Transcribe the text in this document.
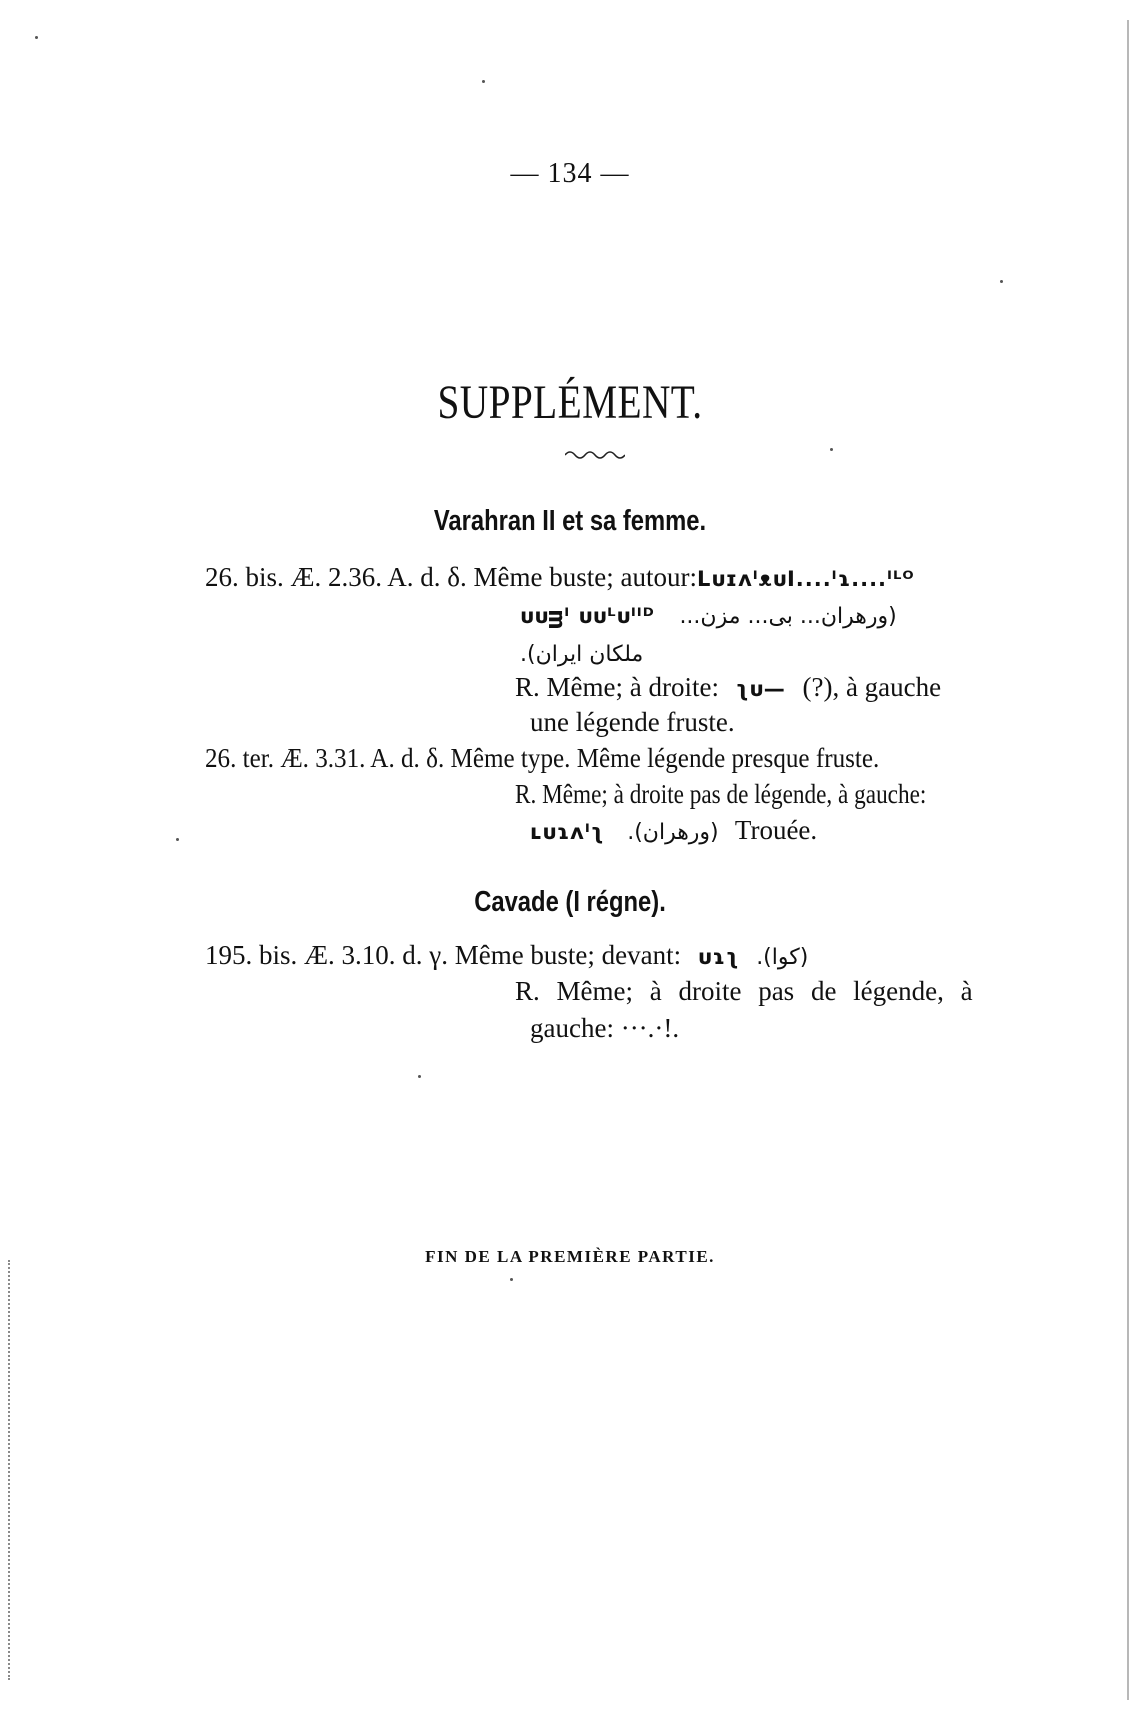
— 134 —
SUPPLÉMENT.
Varahran II et sa femme.
26. bis. Æ. 2.36. A. d. δ. Même buste; autour:LᴜɪᴧᴵᴥᴜI....ᴵɿ....ᴵᴸᴼ
ᴜᴜᴟᴵ ᴜᴜᴸᴜᴵᴵᴰ (ورهران... بی... مزن...
ملکان ایران).
R. Même; à droite: ʅᴜ— (?), à gauche
une légende fruste.
26. ter. Æ. 3.31. A. d. δ. Même type. Même légende presque fruste.
R. Même; à droite pas de légende, à gauche:
ʟᴜɿᴧᴵʅ (ورهران). Trouée.
Cavade (I régne).
195. bis. Æ. 3.10. d. γ. Même buste; devant: ᴜɿʅ (کوا).
R. Même; à droite pas de légende, à
gauche: ···.·!.
FIN DE LA PREMIÈRE PARTIE.
